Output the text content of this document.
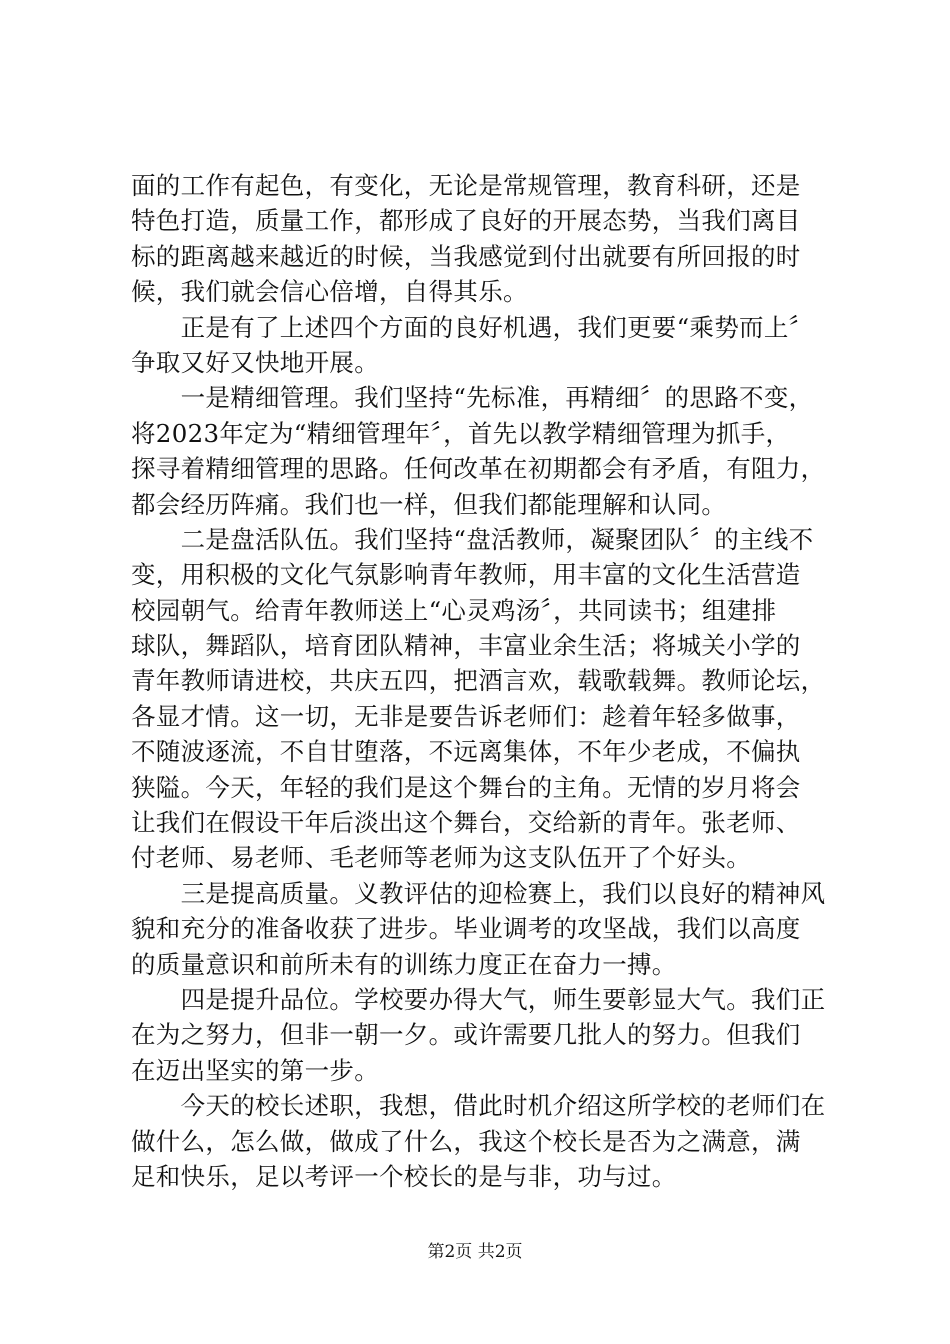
面的工作有起色，有变化，无论是常规管理，教育科研，还是
特色打造，质量工作，都形成了良好的开展态势，当我们离目
标的距离越来越近的时候，当我感觉到付出就要有所回报的时
候，我们就会信心倍增，自得其乐。
　　正是有了上述四个方面的良好机遇，我们更要“乘势而上〞
争取又好又快地开展。
　　一是精细管理。我们坚持“先标准，再精细〞的思路不变，
将2023年定为“精细管理年〞，首先以教学精细管理为抓手，
探寻着精细管理的思路。任何改革在初期都会有矛盾，有阻力，
都会经历阵痛。我们也一样，但我们都能理解和认同。
　　二是盘活队伍。我们坚持“盘活教师，凝聚团队〞的主线不
变，用积极的文化气氛影响青年教师，用丰富的文化生活营造
校园朝气。给青年教师送上“心灵鸡汤〞，共同读书；组建排
球队，舞蹈队，培育团队精神，丰富业余生活；将城关小学的
青年教师请进校，共庆五四，把酒言欢，载歌载舞。教师论坛，
各显才情。这一切，无非是要告诉老师们：趁着年轻多做事，
不随波逐流，不自甘堕落，不远离集体，不年少老成，不偏执
狭隘。今天，年轻的我们是这个舞台的主角。无情的岁月将会
让我们在假设干年后淡出这个舞台，交给新的青年。张老师、
付老师、易老师、毛老师等老师为这支队伍开了个好头。
　　三是提高质量。义教评估的迎检赛上，我们以良好的精神风
貌和充分的准备收获了进步。毕业调考的攻坚战，我们以高度
的质量意识和前所未有的训练力度正在奋力一搏。
　　四是提升品位。学校要办得大气，师生要彰显大气。我们正
在为之努力，但非一朝一夕。或许需要几批人的努力。但我们
在迈出坚实的第一步。
　　今天的校长述职，我想，借此时机介绍这所学校的老师们在
做什么，怎么做，做成了什么，我这个校长是否为之满意，满
足和快乐，足以考评一个校长的是与非，功与过。
第2页 共2页
